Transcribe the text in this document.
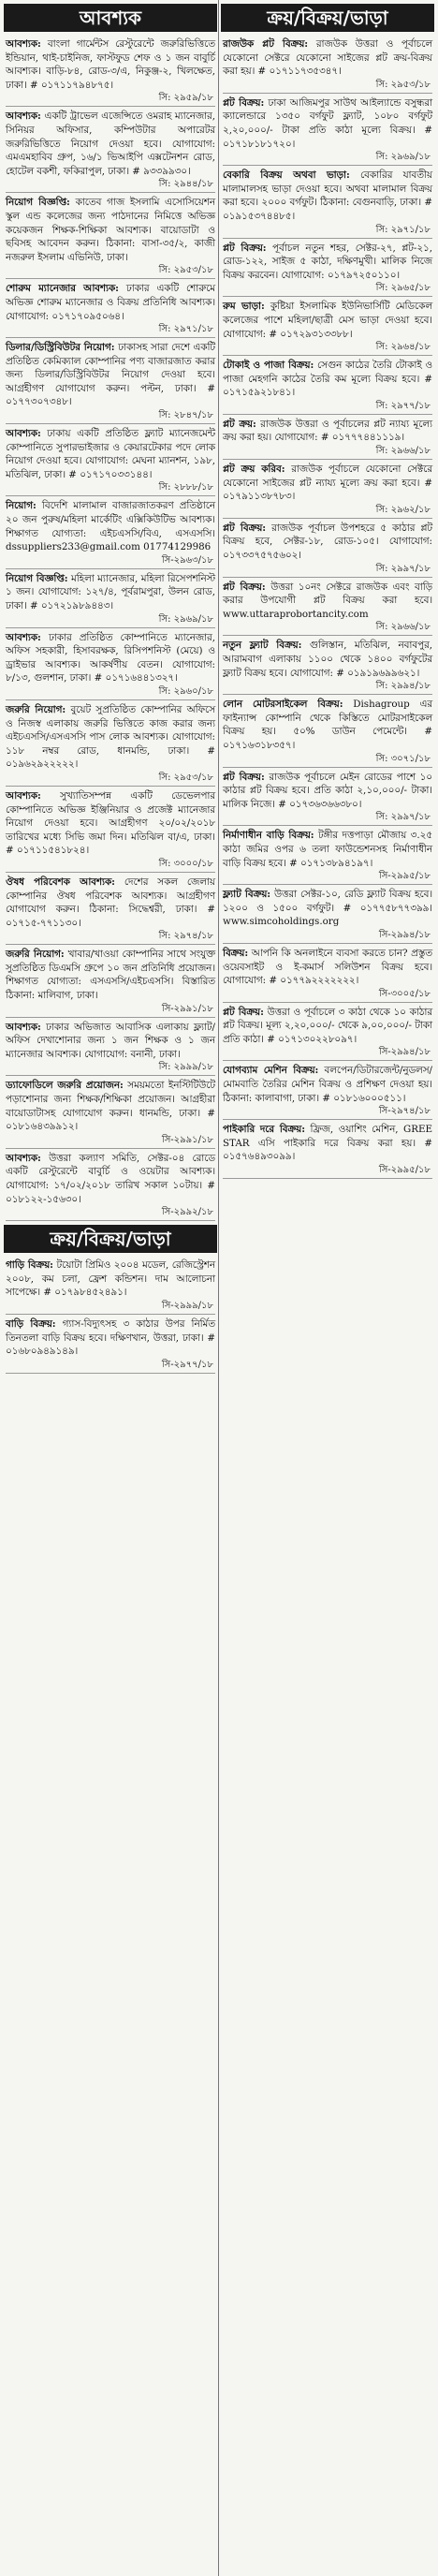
আবশ্যক
আবশ্যক: বাংলা গার্মেন্টস রেস্টুরেন্টে জরুরিভিত্তিতে ইন্ডিয়ান, থাই-চাইনিজ, ফাস্টফুড শেফ ও ১ জন বাবুর্চি আবশ্যক। বাড়ি-৮৪, রোড-৩/এ, নিকুঞ্জ-২, খিলক্ষেত, ঢাকা। # ০১৭১১৭৯৪৮৭৫।
সি: ২৯৫৯/১৮
আবশ্যক: একটি ট্রাভেল এজেন্সিতে ওমরাহ ম্যানেজার, সিনিয়র অফিসার, কম্পিউটার অপারেটর জরুরিভিত্তিতে নিয়োগ দেওয়া হবে। যোগাযোগ: এমএমহাবিব গ্রুপ, ১৬/১ ভিআইপি এক্সটেনশন রোড, হোটেল বকশী, ফকিরাপুল, ঢাকা। # ৯৩৩৯৯৩০।
সি: ২৯৪৪/১৮
নিয়োগ বিজ্ঞপ্তি: কাতেব গাজ ইসলামি এসোসিয়েশন স্কুল এন্ড কলেজের জন্য পাঠদানের নিমিত্তে অভিজ্ঞ কয়েকজন শিক্ষক-শিক্ষিকা আবশ্যক। বায়োডাটা ও ছবিসহ আবেদন করুন। ঠিকানা: বাসা-৩৫/২, কাজী নজরুল ইসলাম এভিনিউ, ঢাকা।
সি: ২৯৫৩/১৮
শোরুম ম্যানেজার আবশ্যক: ঢাকার একটি শোরুমে অভিজ্ঞ শোরুম ম্যানেজার ও বিক্রয় প্রতিনিধি আবশ্যক। যোগাযোগ: ০১৭১৭০৯৫০৬৪।
সি: ২৯৭১/১৮
ডিলার/ডিস্ট্রিবিউটর নিয়োগ: ঢাকাসহ সারা দেশে একটি প্রতিষ্ঠিত কেমিক্যাল কোম্পানির পণ্য বাজারজাত করার জন্য ডিলার/ডিস্ট্রিবিউটর নিয়োগ দেওয়া হবে। আগ্রহীগণ যোগাযোগ করুন। পল্টন, ঢাকা। # ০১৭৭৩০৭৩৪৮।
সি: ২৮৪৭/১৮
আবশ্যক: ঢাকায় একটি প্রতিষ্ঠিত ফ্ল্যাট ম্যানেজমেন্ট কোম্পানিতে সুপারভাইজার ও কেয়ারটেকার পদে লোক নিয়োগ দেওয়া হবে। যোগাযোগ: মেঘনা ম্যানশন, ১৯৮, মতিঝিল, ঢাকা। # ০১৭১৭০৩৩১৪৪।
সি: ২৮৮৮/১৮
নিয়োগ: বিদেশি মালামাল বাজারজাতকরণ প্রতিষ্ঠানে ২০ জন পুরুষ/মহিলা মার্কেটিং এক্সিকিউটিভ আবশ্যক। শিক্ষাগত যোগ্যতা: এইচএসসি/বিএ, এসএসসি। dssuppliers233@gmail.com 01774129986
সি-২৯৬৩/১৮
নিয়োগ বিজ্ঞপ্তি: মহিলা ম্যানেজার, মহিলা রিসেপশনিস্ট ১ জন। যোগাযোগ: ১২৭/৪, পূর্বরামপুরা, উলন রোড, ঢাকা। # ০১৭২১৯৮৯৪৪৩।
সি: ২৯৬৯/১৮
আবশ্যক: ঢাকার প্রতিষ্ঠিত কোম্পানিতে ম্যানেজার, অফিস সহকারী, হিসাবরক্ষক, রিসিপশনিস্ট (মেয়ে) ও ড্রাইভার আবশ্যক। আকর্ষণীয় বেতন। যোগাযোগ: ৮/১৩, গুলশান, ঢাকা। # ০১৭১৬৪৪১৩২৭।
সি: ২৯৬০/১৮
জরুরি নিয়োগ: বুয়েট সুপ্রতিষ্ঠিত কোম্পানির অফিসে ও নিজস্ব এলাকায় জরুরি ভিত্তিতে কাজ করার জন্য এইচএসসি/এসএসসি পাস লোক আবশ্যক। যোগাযোগ: ১১৮ নম্বর রোড, ধানমন্ডি, ঢাকা। # ০১৯৬২৯২২২২২।
সি: ২৯৫৩/১৮
আবশ্যক: সুখ্যাতিসম্পন্ন একটি ডেভেলপার কোম্পানিতে অভিজ্ঞ ইঞ্জিনিয়ার ও প্রজেক্ট ম্যানেজার নিয়োগ দেওয়া হবে। আগ্রহীগণ ২০/০২/২০১৮ তারিখের মধ্যে সিভি জমা দিন। মতিঝিল বা/এ, ঢাকা। # ০১৭১১৫৪১৮২৪।
সি: ৩০০০/১৮
ঔষধ পরিবেশক আবশ্যক: দেশের সকল জেলায় কোম্পানির ঔষধ পরিবেশক আবশ্যক। আগ্রহীগণ যোগাযোগ করুন। ঠিকানা: সিদ্ধেশ্বরী, ঢাকা। # ০১৭১৫-৭৭১১৩০।
সি: ২৯৭৪/১৮
জরুরি নিয়োগ: খাবার/খাওয়া কোম্পানির সাথে সংযুক্ত সুপ্রতিষ্ঠিত ডিএমসি গ্রুপে ১০ জন প্রতিনিধি প্রয়োজন। শিক্ষাগত যোগ্যতা: এসএসসি/এইচএসসি। বিস্তারিত ঠিকানা: মালিবাগ, ঢাকা।
সি-২৯৯১/১৮
আবশ্যক: ঢাকার অভিজাত আবাসিক এলাকায় ফ্ল্যাট/অফিস দেখাশোনার জন্য ১ জন শিক্ষক ও ১ জন ম্যানেজার আবশ্যক। যোগাযোগ: বনানী, ঢাকা।
সি: ২৯৯৯/১৮
ড্যাফোডিলে জরুরি প্রয়োজন: সময়মতো ইনস্টিটিউটে পড়াশোনার জন্য শিক্ষক/শিক্ষিকা প্রয়োজন। আগ্রহীরা বায়োডাটাসহ যোগাযোগ করুন। ধানমন্ডি, ঢাকা। # ০১৮১৬৪৩৯৯১২।
সি-২৯৯১/১৮
আবশ্যক: উত্তরা কল্যাণ সমিতি, সেক্টর-০৪ রোডে একটি রেস্টুরেন্টে বাবুর্চি ও ওয়েটার আবশ্যক। যোগাযোগ: ১৭/০২/২০১৮ তারিখ সকাল ১০টায়। # ০১৮১২২-১৫৬৩০।
সি-২৯৯২/১৮
ক্রয়/বিক্রয়/ভাড়া
গাড়ি বিক্রয়: টয়োটা প্রিমিও ২০০৪ মডেল, রেজিস্ট্রেশন ২০০৮, কম চলা, ফ্রেশ কন্ডিশন। দাম আলোচনা সাপেক্ষে। # ০১৭৯৮৪৫২৪৯১।
সি-২৯৯৯/১৮
বাড়ি বিক্রয়: গ্যাস-বিদ্যুৎসহ ৩ কাঠার উপর নির্মিত তিনতলা বাড়ি বিক্রয় হবে। দক্ষিণখান, উত্তরা, ঢাকা। # ০১৬৮০৯৪৯১৪৯।
সি-২৯৭৭/১৮
ক্রয়/বিক্রয়/ভাড়া
রাজউক প্লট বিক্রয়: রাজউক উত্তরা ও পূর্বাচলে যেকোনো সেক্টরে যেকোনো সাইজের প্লট ক্রয়-বিক্রয় করা হয়। # ০১৭১১৭৩৫৩৪৭।
সি: ২৯৫৩/১৮
প্লট বিক্রয়: ঢাকা আজিমপুর সাউথ আইল্যান্ডে বসুন্ধরা ক্যালেন্ডারে ১৩৫০ বর্গফুট ফ্ল্যাট, ১০৮০ বর্গফুট ২,২০,০০০/- টাকা প্রতি কাঠা মূল্যে বিক্রয়। # ০১৭১৮১৮১৭২০।
সি: ২৯৬৯/১৮
বেকারি বিক্রয় অথবা ভাড়া: বেকারির যাবতীয় মালামালসহ ভাড়া দেওয়া হবে। অথবা মালামাল বিক্রয় করা হবে। ২০০০ বর্গফুট। ঠিকানা: বেগুনবাড়ি, ঢাকা। # ০১৯১৫৩৭৪৪৮৫।
সি: ২৯৭১/১৮
প্লট বিক্রয়: পূর্বাচল নতুন শহর, সেক্টর-২৭, প্লট-২১, রোড-১২২, সাইজ ৫ কাঠা, দক্ষিণমুখী। মালিক নিজে বিক্রয় করবেন। যোগাযোগ: ০১৭৯৭২৫০১১০।
সি: ২৯৬৫/১৮
রুম ভাড়া: কুষ্টিয়া ইসলামিক ইউনিভার্সিটি মেডিকেল কলেজের পাশে মহিলা/ছাত্রী মেস ভাড়া দেওয়া হবে। যোগাযোগ: # ০১৭২৯৩১৩৩৮৮।
সি: ২৯৬৪/১৮
টোকাই ও পাজা বিক্রয়: সেগুন কাঠের তৈরি টোকাই ও পাজা মেহগনি কাঠের তৈরি কম মূল্যে বিক্রয় হবে। # ০১৭১৫৯২১৮৪১।
সি: ২৯৭৭/১৮
প্লট ক্রয়: রাজউক উত্তরা ও পূর্বাচলের প্লট ন্যায্য মূল্যে ক্রয় করা হয়। যোগাযোগ: # ০১৭৭৭৪৪১১১৯।
সি: ২৯৬৬/১৮
প্লট ক্রয় করিব: রাজউক পূর্বাচলে যেকোনো সেক্টরে যেকোনো সাইজের প্লট ন্যায্য মূল্যে ক্রয় করা হবে। # ০১৭৯১১৩৮৭৮৩।
সি: ২৯৬২/১৮
প্লট বিক্রয়: রাজউক পূর্বাচল উপশহরে ৫ কাঠার প্লট বিক্রয় হবে, সেক্টর-১৮, রোড-১০৫। যোগাযোগ: ০১৭৩৩৭৫৭৫৬০২।
সি: ২৯৯৭/১৮
প্লট বিক্রয়: উত্তরা ১০নং সেক্টরে রাজউক এবং বাড়ি করার উপযোগী প্লট বিক্রয় করা হবে। www.uttaraprobortancity.com
সি: ২৯৬৬/১৮
নতুন ফ্ল্যাট বিক্রয়: গুলিস্তান, মতিঝিল, নবাবপুর, আরামবাগ এলাকায় ১১০০ থেকে ১৪০০ বর্গফুটের ফ্ল্যাট বিক্রয় হবে। যোগাযোগ: # ০১৯১৯৬৯৯৬২১।
সি: ২৯৯৪/১৮
লোন মোটরসাইকেল বিক্রয়: Dishagroup এর ফাইন্যান্স কোম্পানি থেকে কিস্তিতে মোটরসাইকেল বিক্রয় হয়। ৫০% ডাউন পেমেন্টে। # ০১৭১৬৩১৮৩৫৭।
সি: ৩০৭১/১৮
প্লট বিক্রয়: রাজউক পূর্বাচলে মেইন রোডের পাশে ১০ কাঠার প্লট বিক্রয় হবে। প্রতি কাঠা ২,১০,০০০/- টাকা। মালিক নিজে। # ০১৭৩৬৩৬৬৩৮০।
সি: ২৯৯৭/১৮
নির্মাণাধীন বাড়ি বিক্রয়: টঙ্গীর দত্তপাড়া মৌজায় ৩.২৫ কাঠা জমির ওপর ৬ তলা ফাউন্ডেশনসহ নির্মাণাধীন বাড়ি বিক্রয় হবে। # ০১৭১৩৮৯৪১৯৭।
সি-২৯৯৫/১৮
ফ্ল্যাট বিক্রয়: উত্তরা সেক্টর-১০, রেডি ফ্ল্যাট বিক্রয় হবে। ১২০০ ও ১৫০০ বর্গফুট। # ০১৭৭৫৮৭৭৩৯৯। www.simcoholdings.org
সি-২৯৯৪/১৮
বিক্রয়: আপনি কি অনলাইনে ব্যবসা করতে চান? প্রস্তুত ওয়েবসাইট ও ই-কমার্স সলিউশন বিক্রয় হবে। যোগাযোগ: # ০১৭৭৯২২২২২২২।
সি-৩০০৫/১৮
প্লট বিক্রয়: উত্তরা ও পূর্বাচলে ৩ কাঠা থেকে ১০ কাঠার প্লট বিক্রয়। মূল্য ২,২০,০০০/- থেকে ৯,০০,০০০/- টাকা প্রতি কাঠা। # ০১৭১৩০২২৮০৯৭।
সি-২৯৯৪/১৮
যোগব্যাম মেশিন বিক্রয়: বলপেন/ডিটারজেন্ট/নুডলস/মোমবাতি তৈরির মেশিন বিক্রয় ও প্রশিক্ষণ দেওয়া হয়। ঠিকানা: কালাবাগা, ঢাকা। # ০১৮১৬০০০৫১১।
সি-২৯৭৪/১৮
পাইকারি দরে বিক্রয়: ফ্রিজ, ওয়াশিং মেশিন, GREE STAR এসি পাইকারি দরে বিক্রয় করা হয়। # ০১৫৭৬৪৯৩০৯৯।
সি-২৯৯৫/১৮
